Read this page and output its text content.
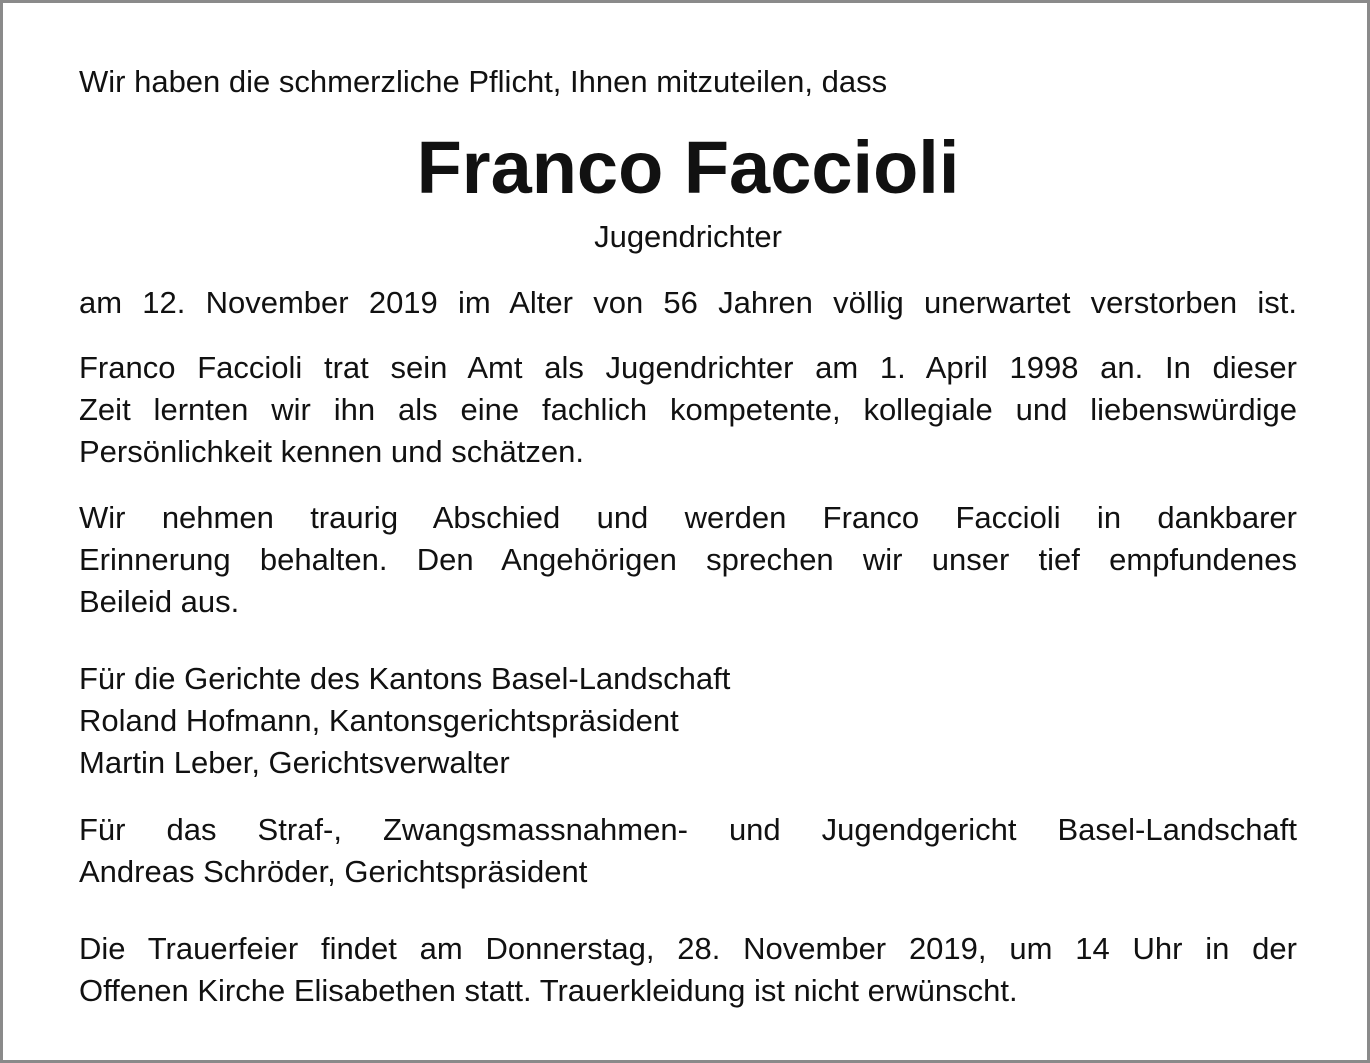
Wir haben die schmerzliche Pflicht, Ihnen mitzuteilen, dass

Franco Faccioli
Jugendrichter

am 12. November 2019 im Alter von 56 Jahren völlig unerwartet verstorben ist.

Franco Faccioli trat sein Amt als Jugendrichter am 1. April 1998 an. In dieser
Zeit lernten wir ihn als eine fachlich kompetente, kollegiale und liebenswürdige
Persönlichkeit kennen und schätzen.

Wir nehmen traurig Abschied und werden Franco Faccioli in dankbarer
Erinnerung behalten. Den Angehörigen sprechen wir unser tief empfundenes
Beileid aus.

Für die Gerichte des Kantons Basel-Landschaft
Roland Hofmann, Kantonsgerichtspräsident
Martin Leber, Gerichtsverwalter

Für das Straf-, Zwangsmassnahmen- und Jugendgericht Basel-Landschaft
Andreas Schröder, Gerichtspräsident

Die Trauerfeier findet am Donnerstag, 28. November 2019, um 14 Uhr in der
Offenen Kirche Elisabethen statt. Trauerkleidung ist nicht erwünscht.
